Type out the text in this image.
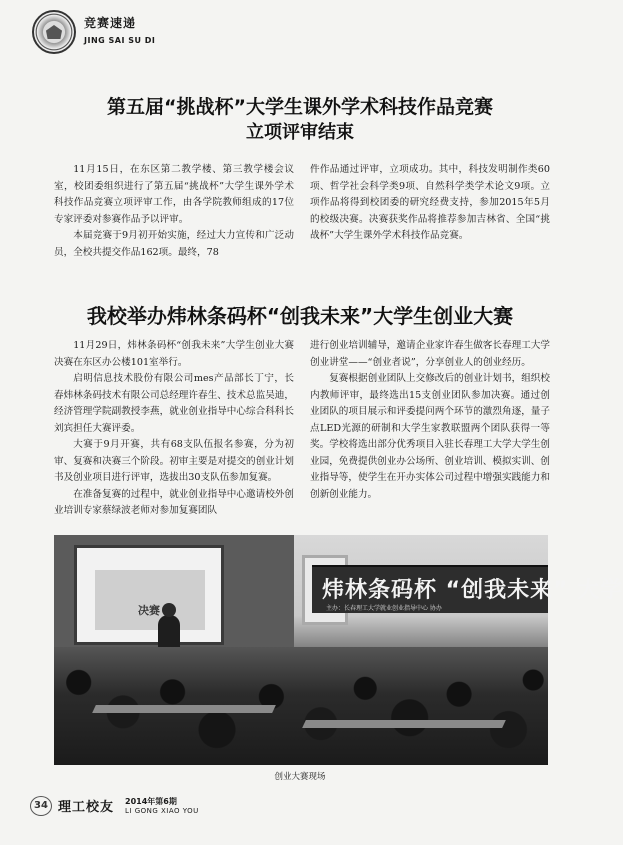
竞赛速递
JING SAI SU DI
第五届“挑战杯”大学生课外学术科技作品竞赛
立项评审结束

11月15日，在东区第二教学楼、第三教学楼会议室，校团委组织进行了第五届“挑战杯”大学生课外学术科技作品竞赛立项评审工作，由各学院教师组成的17位专家评委对参赛作品予以评审。

本届竞赛于9月初开始实施，经过大力宣传和广泛动员，全校共提交作品162项。最终，78

件作品通过评审，立项成功。其中，科技发明制作类60项、哲学社会科学类9项、自然科学类学术论文9项。立项作品将得到校团委的研究经费支持，参加2015年5月的校级决赛。决赛获奖作品将推荐参加吉林省、全国“挑战杯”大学生课外学术科技作品竞赛。

我校举办炜林条码杯“创我未来”大学生创业大赛

11月29日，炜林条码杯“创我未来”大学生创业大赛决赛在东区办公楼101室举行。

启明信息技术股份有限公司mes产品部长丁宁，长春炜林条码技术有限公司总经理许春生、技术总监吴迪，经济管理学院副教授李燕，就业创业指导中心综合科科长刘宾担任大赛评委。

大赛于9月开赛，共有68支队伍报名参赛，分为初审、复赛和决赛三个阶段。初审主要是对提交的创业计划书及创业项目进行评审，选拔出30支队伍参加复赛。

在准备复赛的过程中，就业创业指导中心邀请校外创业培训专家蔡绿波老师对参加复赛团队

进行创业培训辅导，邀请企业家许春生做客长春理工大学创业讲堂——“创业者说”，分享创业人的创业经历。

复赛根据创业团队上交修改后的创业计划书，组织校内教师评审，最终选出15支创业团队参加决赛。通过创业团队的项目展示和评委提问两个环节的激烈角逐，量子点LED光源的研制和大学生家教联盟两个团队获得一等奖。学校将选出部分优秀项目入驻长春理工大学大学生创业园，免费提供创业办公场所、创业培训、模拟实训、创业指导等，使学生在开办实体公司过程中增强实践能力和创新创业能力。

决赛
炜林条码杯 “创我未来” 大学
主办：长春理工大学就业创业指导中心 协办
创业大赛现场
34 理工校友 2014年第6期
LI GONG XIAO YOU
